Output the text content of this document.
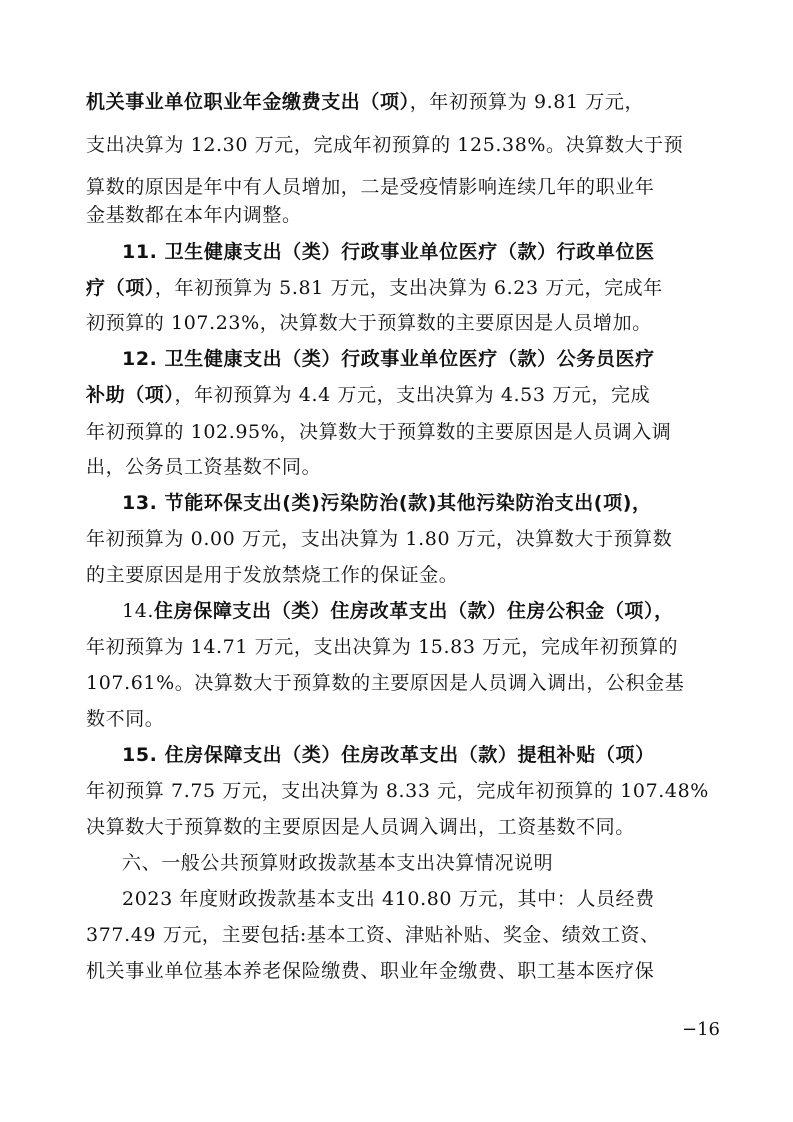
机关事业单位职业年金缴费支出（项），年初预算为 9.81 万元，
支出决算为 12.30 万元，完成年初预算的 125.38%。决算数大于预
算数的原因是年中有人员增加，二是受疫情影响连续几年的职业年
金基数都在本年内调整。
11. 卫生健康支出（类）行政事业单位医疗（款）行政单位医
疗（项），年初预算为 5.81 万元，支出决算为 6.23 万元，完成年
初预算的 107.23%，决算数大于预算数的主要原因是人员增加。
12. 卫生健康支出（类）行政事业单位医疗（款）公务员医疗
补助（项），年初预算为 4.4 万元，支出决算为 4.53 万元，完成
年初预算的 102.95%，决算数大于预算数的主要原因是人员调入调
出，公务员工资基数不同。
13. 节能环保支出(类)污染防治(款)其他污染防治支出(项)，
年初预算为 0.00 万元，支出决算为 1.80 万元，决算数大于预算数
的主要原因是用于发放禁烧工作的保证金。
14.住房保障支出（类）住房改革支出（款）住房公积金（项），
年初预算为 14.71 万元，支出决算为 15.83 万元，完成年初预算的
107.61%。决算数大于预算数的主要原因是人员调入调出，公积金基
数不同。
15. 住房保障支出（类）住房改革支出（款）提租补贴（项）
年初预算 7.75 万元，支出决算为 8.33 元，完成年初预算的 107.48%
决算数大于预算数的主要原因是人员调入调出，工资基数不同。
六、一般公共预算财政拨款基本支出决算情况说明
2023 年度财政拨款基本支出 410.80 万元，其中：人员经费
377.49 万元，主要包括:基本工资、津贴补贴、奖金、绩效工资、
机关事业单位基本养老保险缴费、职业年金缴费、职工基本医疗保
−16
